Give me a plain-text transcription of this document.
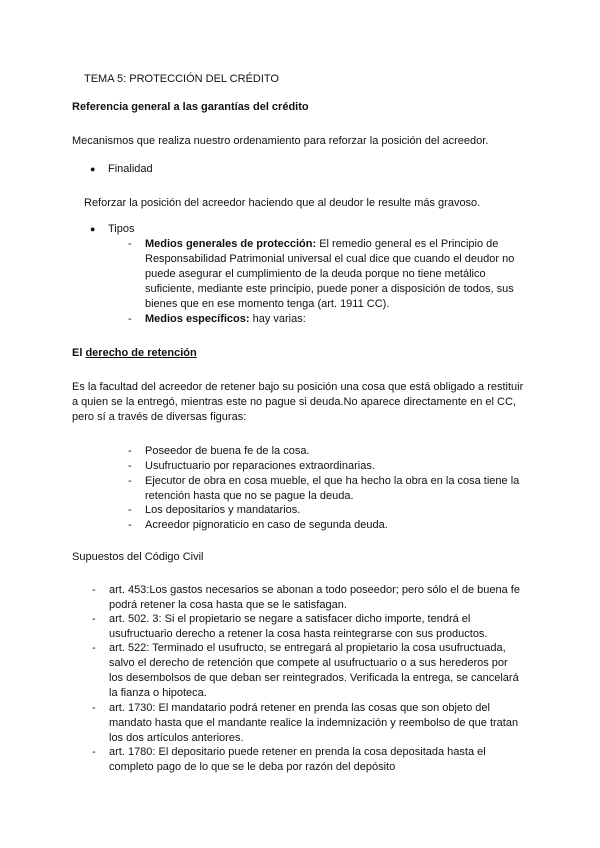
TEMA 5: PROTECCIÓN DEL CRÉDITO
Referencia general a las garantías del crédito
Mecanismos que realiza nuestro ordenamiento para reforzar la posición del acreedor.
● Finalidad
Reforzar la posición del acreedor haciendo que al deudor le resulte más gravoso.
● Tipos
- Medios generales de protección: El remedio general es el Principio de
Responsabilidad Patrimonial universal el cual dice que cuando el deudor no
puede asegurar el cumplimiento de la deuda porque no tiene metálico
suficiente, mediante este principio, puede poner a disposición de todos, sus
bienes que en ese momento tenga (art. 1911 CC).
- Medios específicos: hay varias:
El derecho de retención
Es la facultad del acreedor de retener bajo su posición una cosa que está obligado a restituir
a quien se la entregó, mientras este no pague si deuda.No aparece directamente en el CC,
pero sí a través de diversas figuras:
- Poseedor de buena fe de la cosa.
- Usufructuario por reparaciones extraordinarias.
- Ejecutor de obra en cosa mueble, el que ha hecho la obra en la cosa tiene la
retención hasta que no se pague la deuda.
- Los depositarios y mandatarios.
- Acreedor pignoraticio en caso de segunda deuda.
Supuestos del Código Civil
- art. 453:Los gastos necesarios se abonan a todo poseedor; pero sólo el de buena fe
podrá retener la cosa hasta que se le satisfagan.
- art. 502. 3: Si el propietario se negare a satisfacer dicho importe, tendrá el
usufructuario derecho a retener la cosa hasta reintegrarse con sus productos.
- art. 522: Terminado el usufructo, se entregará al propietario la cosa usufructuada,
salvo el derecho de retención que compete al usufructuario o a sus herederos por
los desembolsos de que deban ser reintegrados. Verificada la entrega, se cancelará
la fianza o hipoteca.
- art. 1730: El mandatario podrá retener en prenda las cosas que son objeto del
mandato hasta que el mandante realice la indemnización y reembolso de que tratan
los dos artículos anteriores.
- art. 1780: El depositario puede retener en prenda la cosa depositada hasta el
completo pago de lo que se le deba por razón del depósito
